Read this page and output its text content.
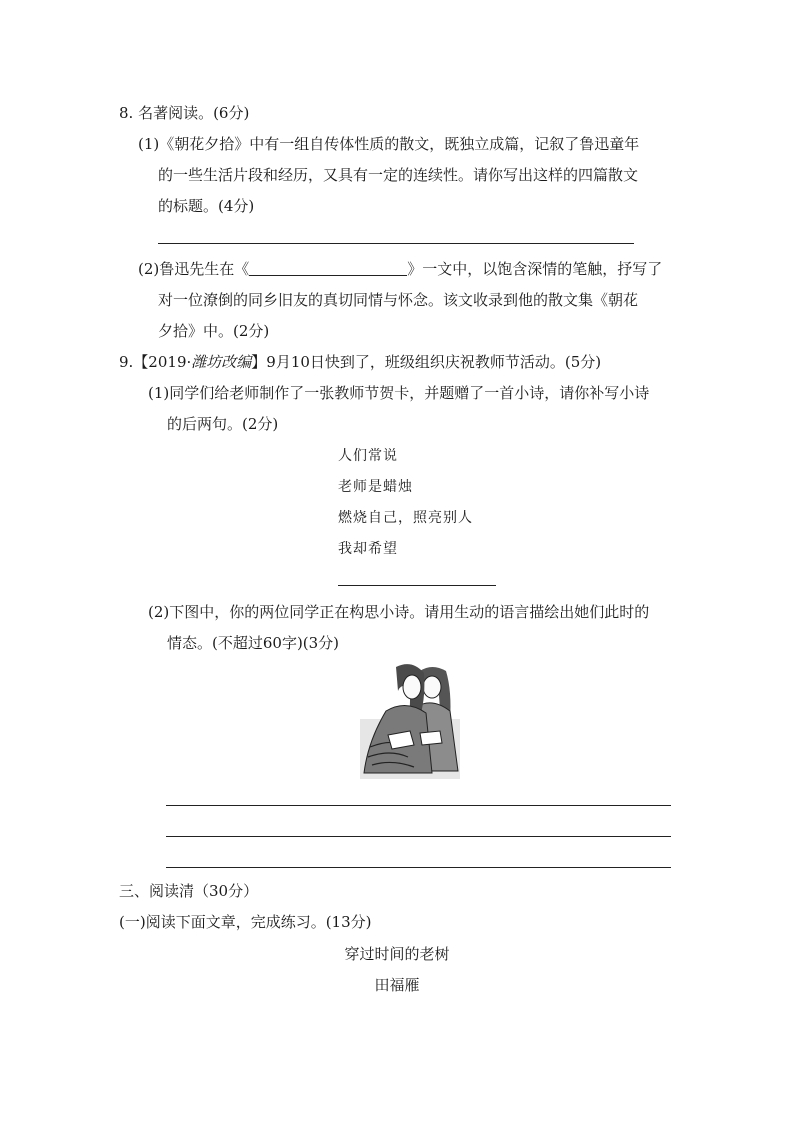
8. 名著阅读。(6分)
(1)《朝花夕拾》中有一组自传体性质的散文，既独立成篇，记叙了鲁迅童年
的一些生活片段和经历，又具有一定的连续性。请你写出这样的四篇散文
的标题。(4分)
(2)鲁迅先生在《	》一文中，以饱含深情的笔触，抒写了
对一位潦倒的同乡旧友的真切同情与怀念。该文收录到他的散文集《朝花
夕拾》中。(2分)
9.【2019·潍坊改编】9月10日快到了，班级组织庆祝教师节活动。(5分)
(1)同学们给老师制作了一张教师节贺卡，并题赠了一首小诗，请你补写小诗
的后两句。(2分)
人们常说
老师是蜡烛
燃烧自己，照亮别人
我却希望
(2)下图中，你的两位同学正在构思小诗。请用生动的语言描绘出她们此时的
情态。(不超过60字)(3分)
三、阅读清（30分）
(一)阅读下面文章，完成练习。(13分)
穿过时间的老树
田福雁
